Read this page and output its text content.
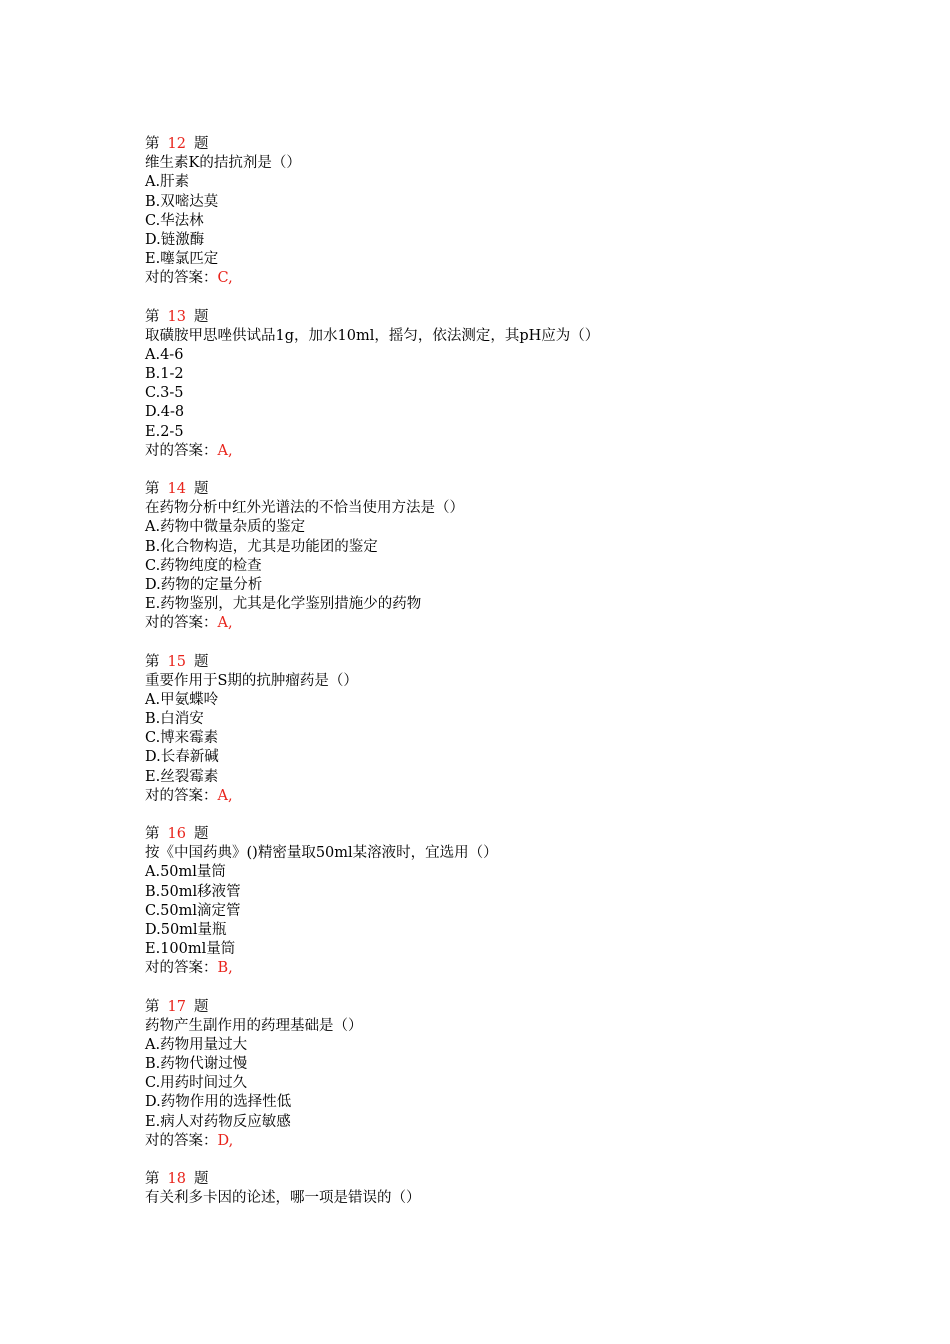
第 12 题
维生素K的拮抗剂是（）
A.肝素
B.双嘧达莫
C.华法林
D.链激酶
E.噻氯匹定
对的答案：C,
第 13 题
取磺胺甲思唑供试品1g，加水10ml，摇匀，依法测定，其pH应为（）
A.4-6
B.1-2
C.3-5
D.4-8
E.2-5
对的答案：A,
第 14 题
在药物分析中红外光谱法的不恰当使用方法是（）
A.药物中微量杂质的鉴定
B.化合物构造，尤其是功能团的鉴定
C.药物纯度的检查
D.药物的定量分析
E.药物鉴别，尤其是化学鉴别措施少的药物
对的答案：A,
第 15 题
重要作用于S期的抗肿瘤药是（）
A.甲氨蝶呤
B.白消安
C.博来霉素
D.长春新碱
E.丝裂霉素
对的答案：A,
第 16 题
按《中国药典》()精密量取50ml某溶液时，宜选用（）
A.50ml量筒
B.50ml移液管
C.50ml滴定管
D.50ml量瓶
E.100ml量筒
对的答案：B,
第 17 题
药物产生副作用的药理基础是（）
A.药物用量过大
B.药物代谢过慢
C.用药时间过久
D.药物作用的选择性低
E.病人对药物反应敏感
对的答案：D,
第 18 题
有关利多卡因的论述，哪一项是错误的（）
